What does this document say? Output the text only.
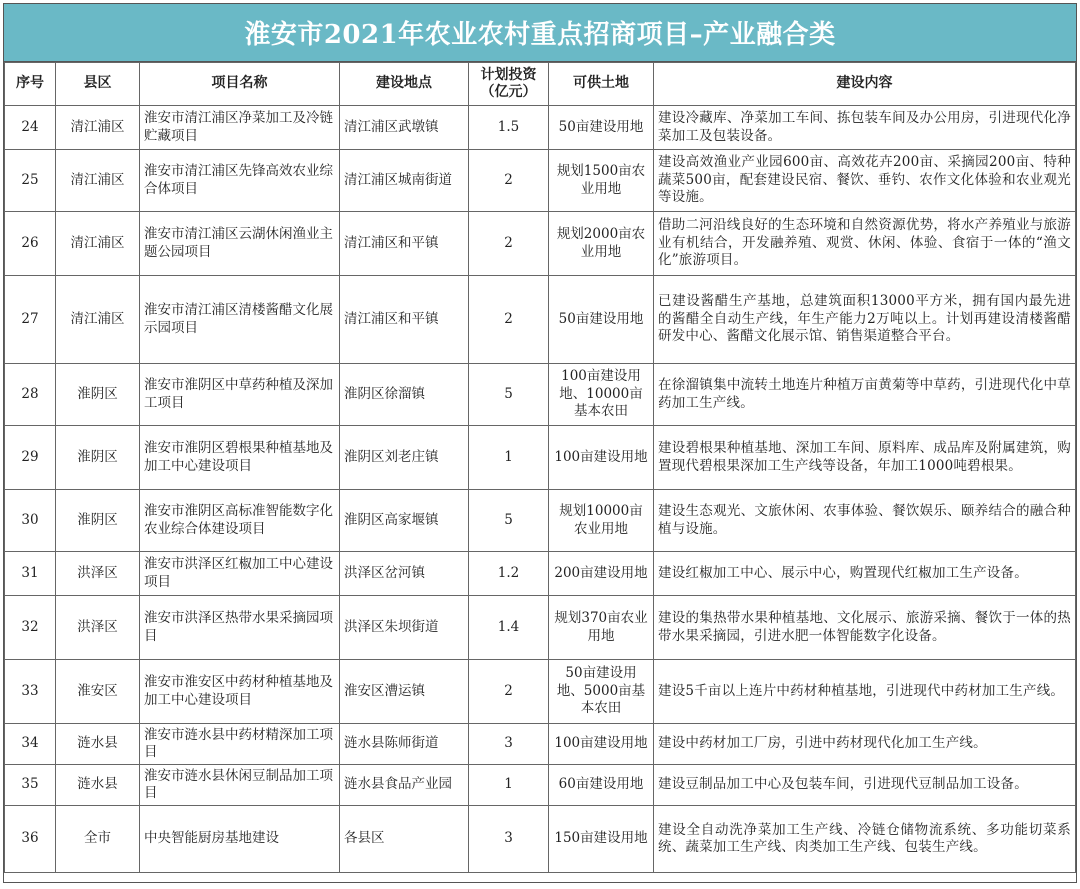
淮安市2021年农业农村重点招商项目–产业融合类
序号	县区	项目名称	建设地点	计划投资（亿元）	可供土地	建设内容
24	清江浦区	淮安市清江浦区净菜加工及冷链贮藏项目	清江浦区武墩镇	1.5	50亩建设用地	建设冷藏库、净菜加工车间、拣包装车间及办公用房，引进现代化净菜加工及包装设备。
25	清江浦区	淮安市清江浦区先锋高效农业综合体项目	清江浦区城南街道	2	规划1500亩农业用地	建设高效渔业产业园600亩、高效花卉200亩、采摘园200亩、特种蔬菜500亩，配套建设民宿、餐饮、垂钓、农作文化体验和农业观光等设施。
26	清江浦区	淮安市清江浦区云湖休闲渔业主题公园项目	清江浦区和平镇	2	规划2000亩农业用地	借助二河沿线良好的生态环境和自然资源优势，将水产养殖业与旅游业有机结合，开发融养殖、观赏、休闲、体验、食宿于一体的“渔文化”旅游项目。
27	清江浦区	淮安市清江浦区清楼酱醋文化展示园项目	清江浦区和平镇	2	50亩建设用地	已建设酱醋生产基地，总建筑面积13000平方米，拥有国内最先进的酱醋全自动生产线，年生产能力2万吨以上。计划再建设清楼酱醋研发中心、酱醋文化展示馆、销售渠道整合平台。
28	淮阴区	淮安市淮阴区中草药种植及深加工项目	淮阴区徐溜镇	5	100亩建设用地、10000亩基本农田	在徐溜镇集中流转土地连片种植万亩黄菊等中草药，引进现代化中草药加工生产线。
29	淮阴区	淮安市淮阴区碧根果种植基地及加工中心建设项目	淮阴区刘老庄镇	1	100亩建设用地	建设碧根果种植基地、深加工车间、原料库、成品库及附属建筑，购置现代碧根果深加工生产线等设备，年加工1000吨碧根果。
30	淮阴区	淮安市淮阴区高标准智能数字化农业综合体建设项目	淮阴区高家堰镇	5	规划10000亩农业用地	建设生态观光、文旅休闲、农事体验、餐饮娱乐、颐养结合的融合种植与设施。
31	洪泽区	淮安市洪泽区红椒加工中心建设项目	洪泽区岔河镇	1.2	200亩建设用地	建设红椒加工中心、展示中心，购置现代红椒加工生产设备。
32	洪泽区	淮安市洪泽区热带水果采摘园项目	洪泽区朱坝街道	1.4	规划370亩农业用地	建设的集热带水果种植基地、文化展示、旅游采摘、餐饮于一体的热带水果采摘园，引进水肥一体智能数字化设备。
33	淮安区	淮安市淮安区中药材种植基地及加工中心建设项目	淮安区漕运镇	2	50亩建设用地、5000亩基本农田	建设5千亩以上连片中药材种植基地，引进现代中药材加工生产线。
34	涟水县	淮安市涟水县中药材精深加工项目	涟水县陈师街道	3	100亩建设用地	建设中药材加工厂房，引进中药材现代化加工生产线。
35	涟水县	淮安市涟水县休闲豆制品加工项目	涟水县食品产业园	1	60亩建设用地	建设豆制品加工中心及包装车间，引进现代豆制品加工设备。
36	全市	中央智能厨房基地建设	各县区	3	150亩建设用地	建设全自动洗净菜加工生产线、冷链仓储物流系统、多功能切菜系统、蔬菜加工生产线、肉类加工生产线、包装生产线。
